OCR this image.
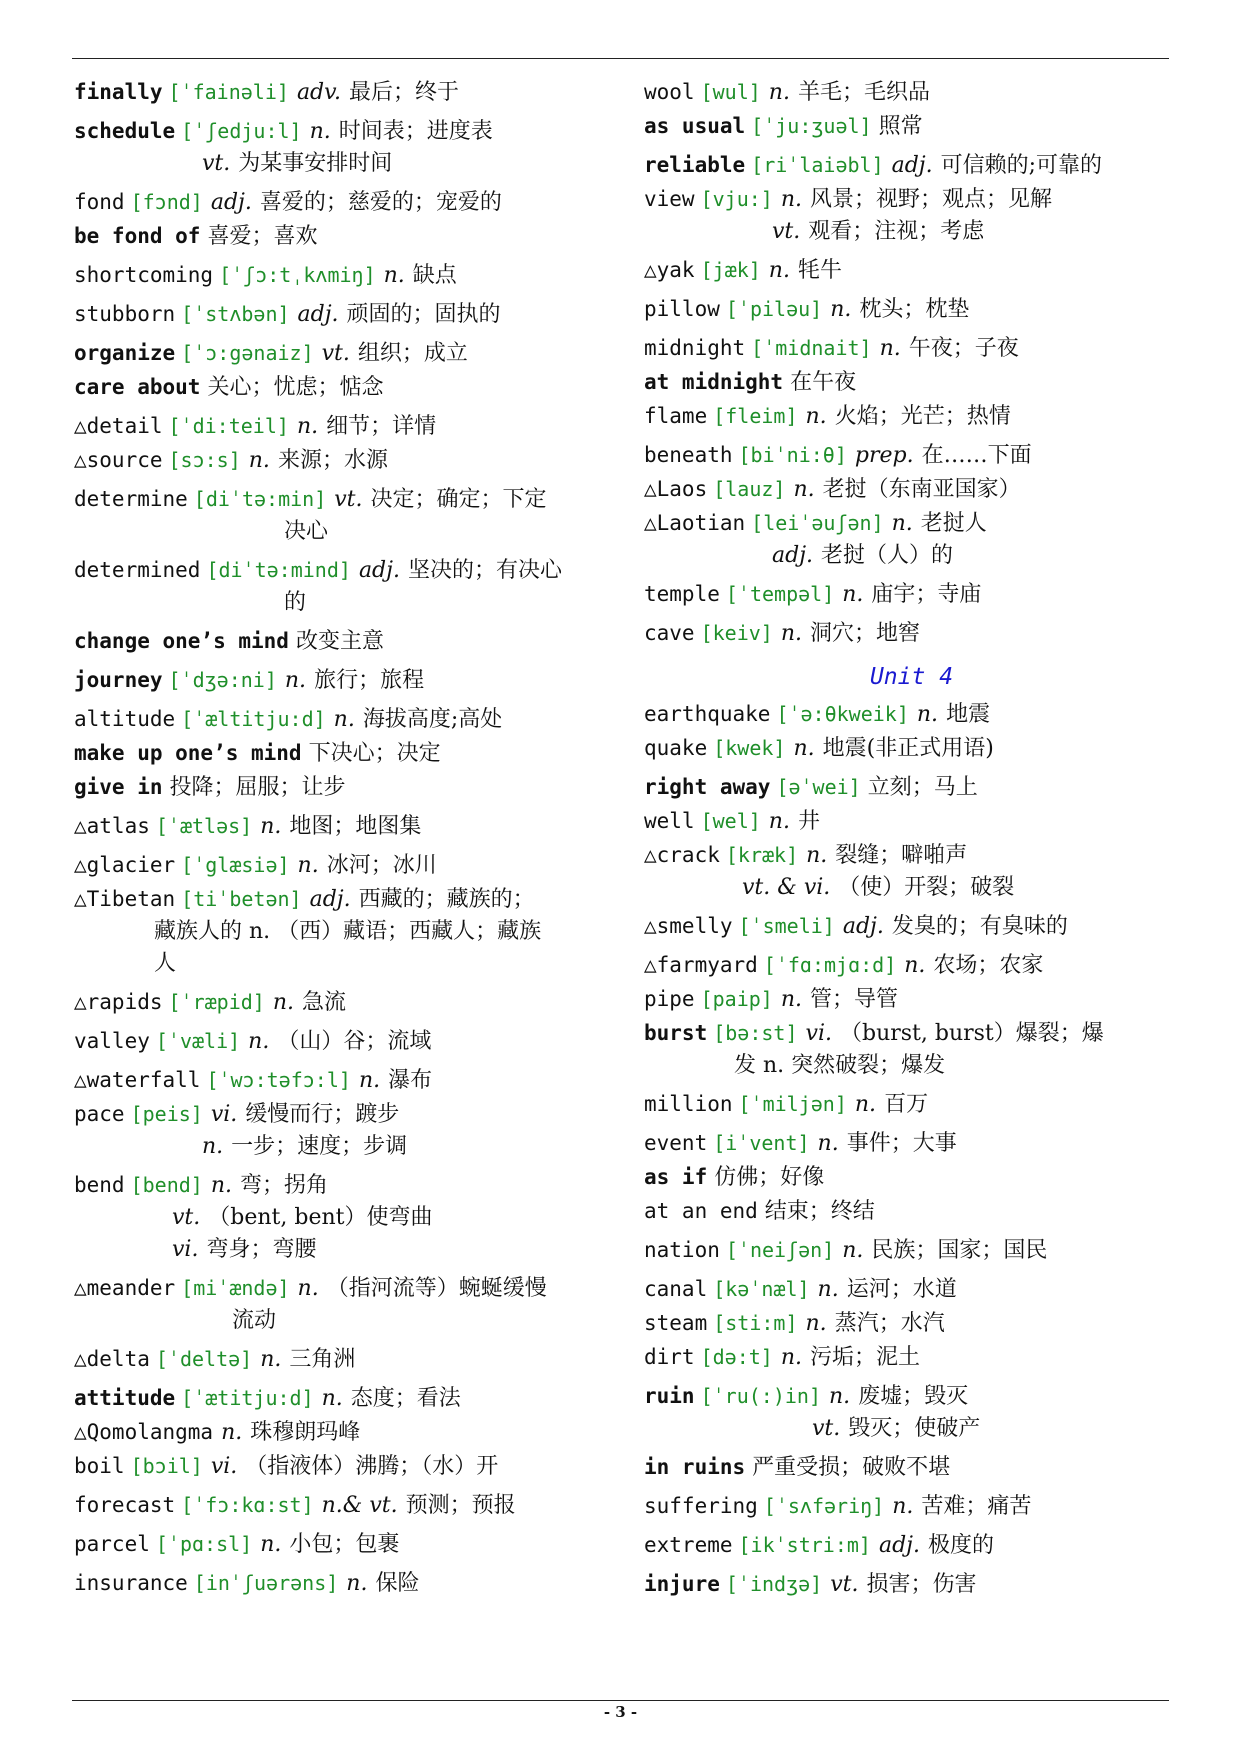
finally [ˈfainəli] adv. 最后；终于
schedule [ˈʃedju:l] n. 时间表；进度表
vt. 为某事安排时间
fond [fɔnd] adj. 喜爱的；慈爱的；宠爱的
be fond of 喜爱；喜欢
shortcoming [ˈʃɔ:tˌkʌmiŋ] n. 缺点
stubborn [ˈstʌbən] adj. 顽固的；固执的
organize [ˈɔ:gənaiz] vt. 组织；成立
care about 关心；忧虑；惦念
△detail [ˈdi:teil] n. 细节；详情
△source [sɔ:s] n. 来源；水源
determine [diˈtə:min] vt. 决定；确定；下定
决心
determined [diˈtə:mind] adj. 坚决的；有决心
的
change one’s mind 改变主意
journey [ˈdʒə:ni] n. 旅行；旅程
altitude [ˈæltitju:d] n. 海拔高度;高处
make up one’s mind 下决心；决定
give in 投降；屈服；让步
△atlas [ˈætləs] n. 地图；地图集
△glacier [ˈglæsiə] n. 冰河；冰川
△Tibetan [tiˈbetən] adj. 西藏的；藏族的；
藏族人的 n. （西）藏语；西藏人；藏族
人
△rapids [ˈræpid] n. 急流
valley [ˈvæli] n. （山）谷；流域
△waterfall [ˈwɔ:təfɔ:l] n. 瀑布
pace [peis] vi. 缓慢而行；踱步
n. 一步；速度；步调
bend [bend] n. 弯；拐角
vt. （bent, bent）使弯曲
vi. 弯身；弯腰
△meander [miˈændə] n. （指河流等）蜿蜒缓慢
流动
△delta [ˈdeltə] n. 三角洲
attitude [ˈætitju:d] n. 态度；看法
△Qomolangma n. 珠穆朗玛峰
boil [bɔil] vi. （指液体）沸腾；（水）开
forecast [ˈfɔ:kɑ:st] n.& vt. 预测；预报
parcel [ˈpɑ:sl] n. 小包；包裹
insurance [inˈʃuərəns] n. 保险
wool [wul] n. 羊毛；毛织品
as usual [ˈju:ʒuəl] 照常
reliable [riˈlaiəbl] adj. 可信赖的;可靠的
view [vju:] n. 风景；视野；观点；见解
vt. 观看；注视；考虑
△yak [jæk] n. 牦牛
pillow [ˈpiləu] n. 枕头；枕垫
midnight [ˈmidnait] n. 午夜；子夜
at midnight 在午夜
flame [fleim] n. 火焰；光芒；热情
beneath [biˈni:θ] prep. 在……下面
△Laos [lauz] n. 老挝（东南亚国家）
△Laotian [leiˈəuʃən] n. 老挝人
adj. 老挝（人）的
temple [ˈtempəl] n. 庙宇；寺庙
cave [keiv] n. 洞穴；地窖
Unit 4
earthquake [ˈə:θkweik] n. 地震
quake [kwek] n. 地震(非正式用语)
right away [əˈwei] 立刻；马上
well [wel] n. 井
△crack [kræk] n. 裂缝；噼啪声
vt. & vi. （使）开裂；破裂
△smelly [ˈsmeli] adj. 发臭的；有臭味的
△farmyard [ˈfɑ:mjɑ:d] n. 农场；农家
pipe [paip] n. 管；导管
burst [bə:st] vi. （burst, burst）爆裂；爆
发 n. 突然破裂；爆发
million [ˈmiljən] n. 百万
event [iˈvent] n. 事件；大事
as if 仿佛；好像
at an end 结束；终结
nation [ˈneiʃən] n. 民族；国家；国民
canal [kəˈnæl] n. 运河；水道
steam [sti:m] n. 蒸汽；水汽
dirt [də:t] n. 污垢；泥土
ruin [ˈru(:)in] n. 废墟；毁灭
vt. 毁灭；使破产
in ruins 严重受损；破败不堪
suffering [ˈsʌfəriŋ] n. 苦难；痛苦
extreme [ikˈstri:m] adj. 极度的
injure [ˈindʒə] vt. 损害；伤害
- 3 -
